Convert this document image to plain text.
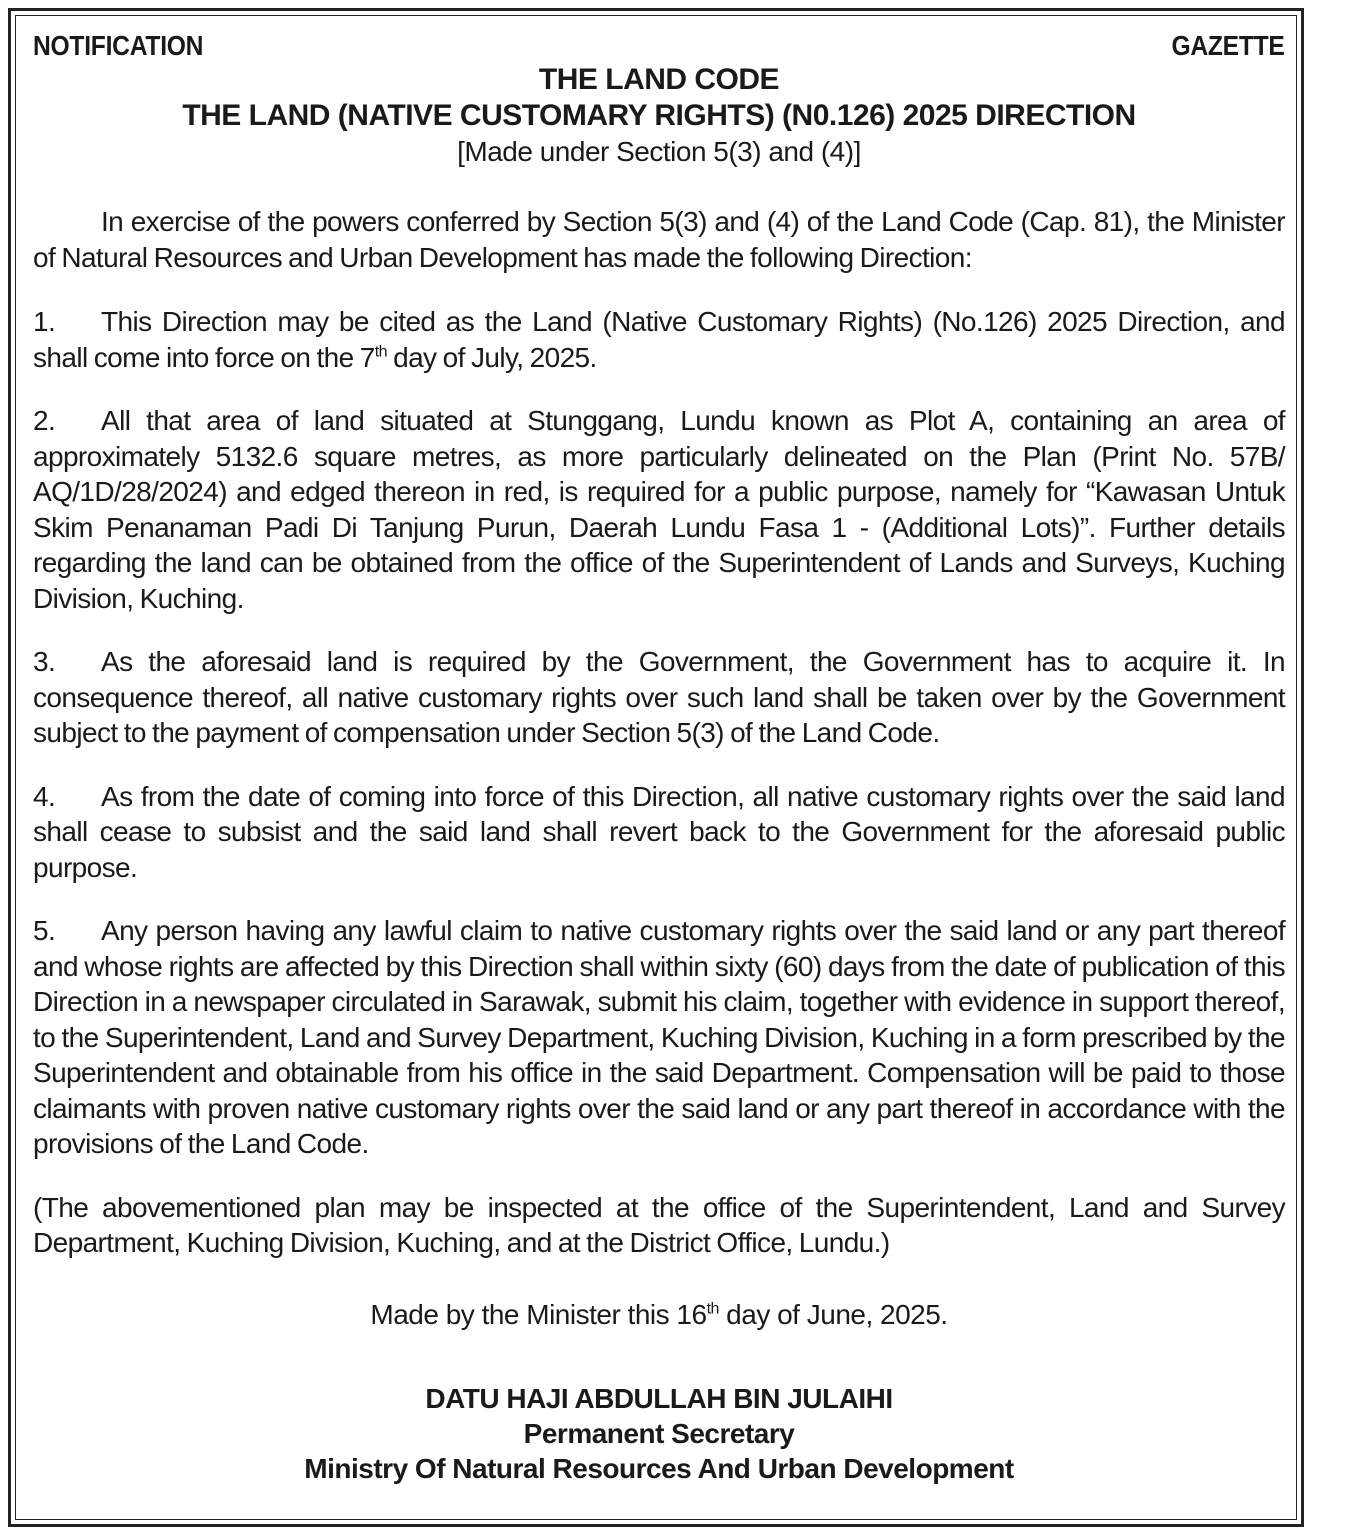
NOTIFICATION	GAZETTE
THE LAND CODE
THE LAND (NATIVE CUSTOMARY RIGHTS) (N0.126) 2025 DIRECTION
[Made under Section 5(3) and (4)]

In exercise of the powers conferred by Section 5(3) and (4) of the Land Code (Cap. 81), the Minister of Natural Resources and Urban Development has made the following Direction:

1. This Direction may be cited as the Land (Native Customary Rights) (No.126) 2025 Direction, and shall come into force on the 7th day of July, 2025.

2. All that area of land situated at Stunggang, Lundu known as Plot A, containing an area of approximately 5132.6 square metres, as more particularly delineated on the Plan (Print No. 57B/ AQ/1D/28/2024) and edged thereon in red, is required for a public purpose, namely for “Kawasan Untuk Skim Penanaman Padi Di Tanjung Purun, Daerah Lundu Fasa 1 - (Additional Lots)”. Further details regarding the land can be obtained from the office of the Superintendent of Lands and Surveys, Kuching Division, Kuching.

3. As the aforesaid land is required by the Government, the Government has to acquire it. In consequence thereof, all native customary rights over such land shall be taken over by the Government subject to the payment of compensation under Section 5(3) of the Land Code.

4. As from the date of coming into force of this Direction, all native customary rights over the said land shall cease to subsist and the said land shall revert back to the Government for the aforesaid public purpose.

5. Any person having any lawful claim to native customary rights over the said land or any part thereof and whose rights are affected by this Direction shall within sixty (60) days from the date of publication of this Direction in a newspaper circulated in Sarawak, submit his claim, together with evidence in support thereof, to the Superintendent, Land and Survey Department, Kuching Division, Kuching in a form prescribed by the Superintendent and obtainable from his office in the said Department. Compensation will be paid to those claimants with proven native customary rights over the said land or any part thereof in accordance with the provisions of the Land Code.

(The abovementioned plan may be inspected at the office of the Superintendent, Land and Survey Department, Kuching Division, Kuching, and at the District Office, Lundu.)

Made by the Minister this 16th day of June, 2025.
DATU HAJI ABDULLAH BIN JULAIHI
Permanent Secretary
Ministry Of Natural Resources And Urban Development
